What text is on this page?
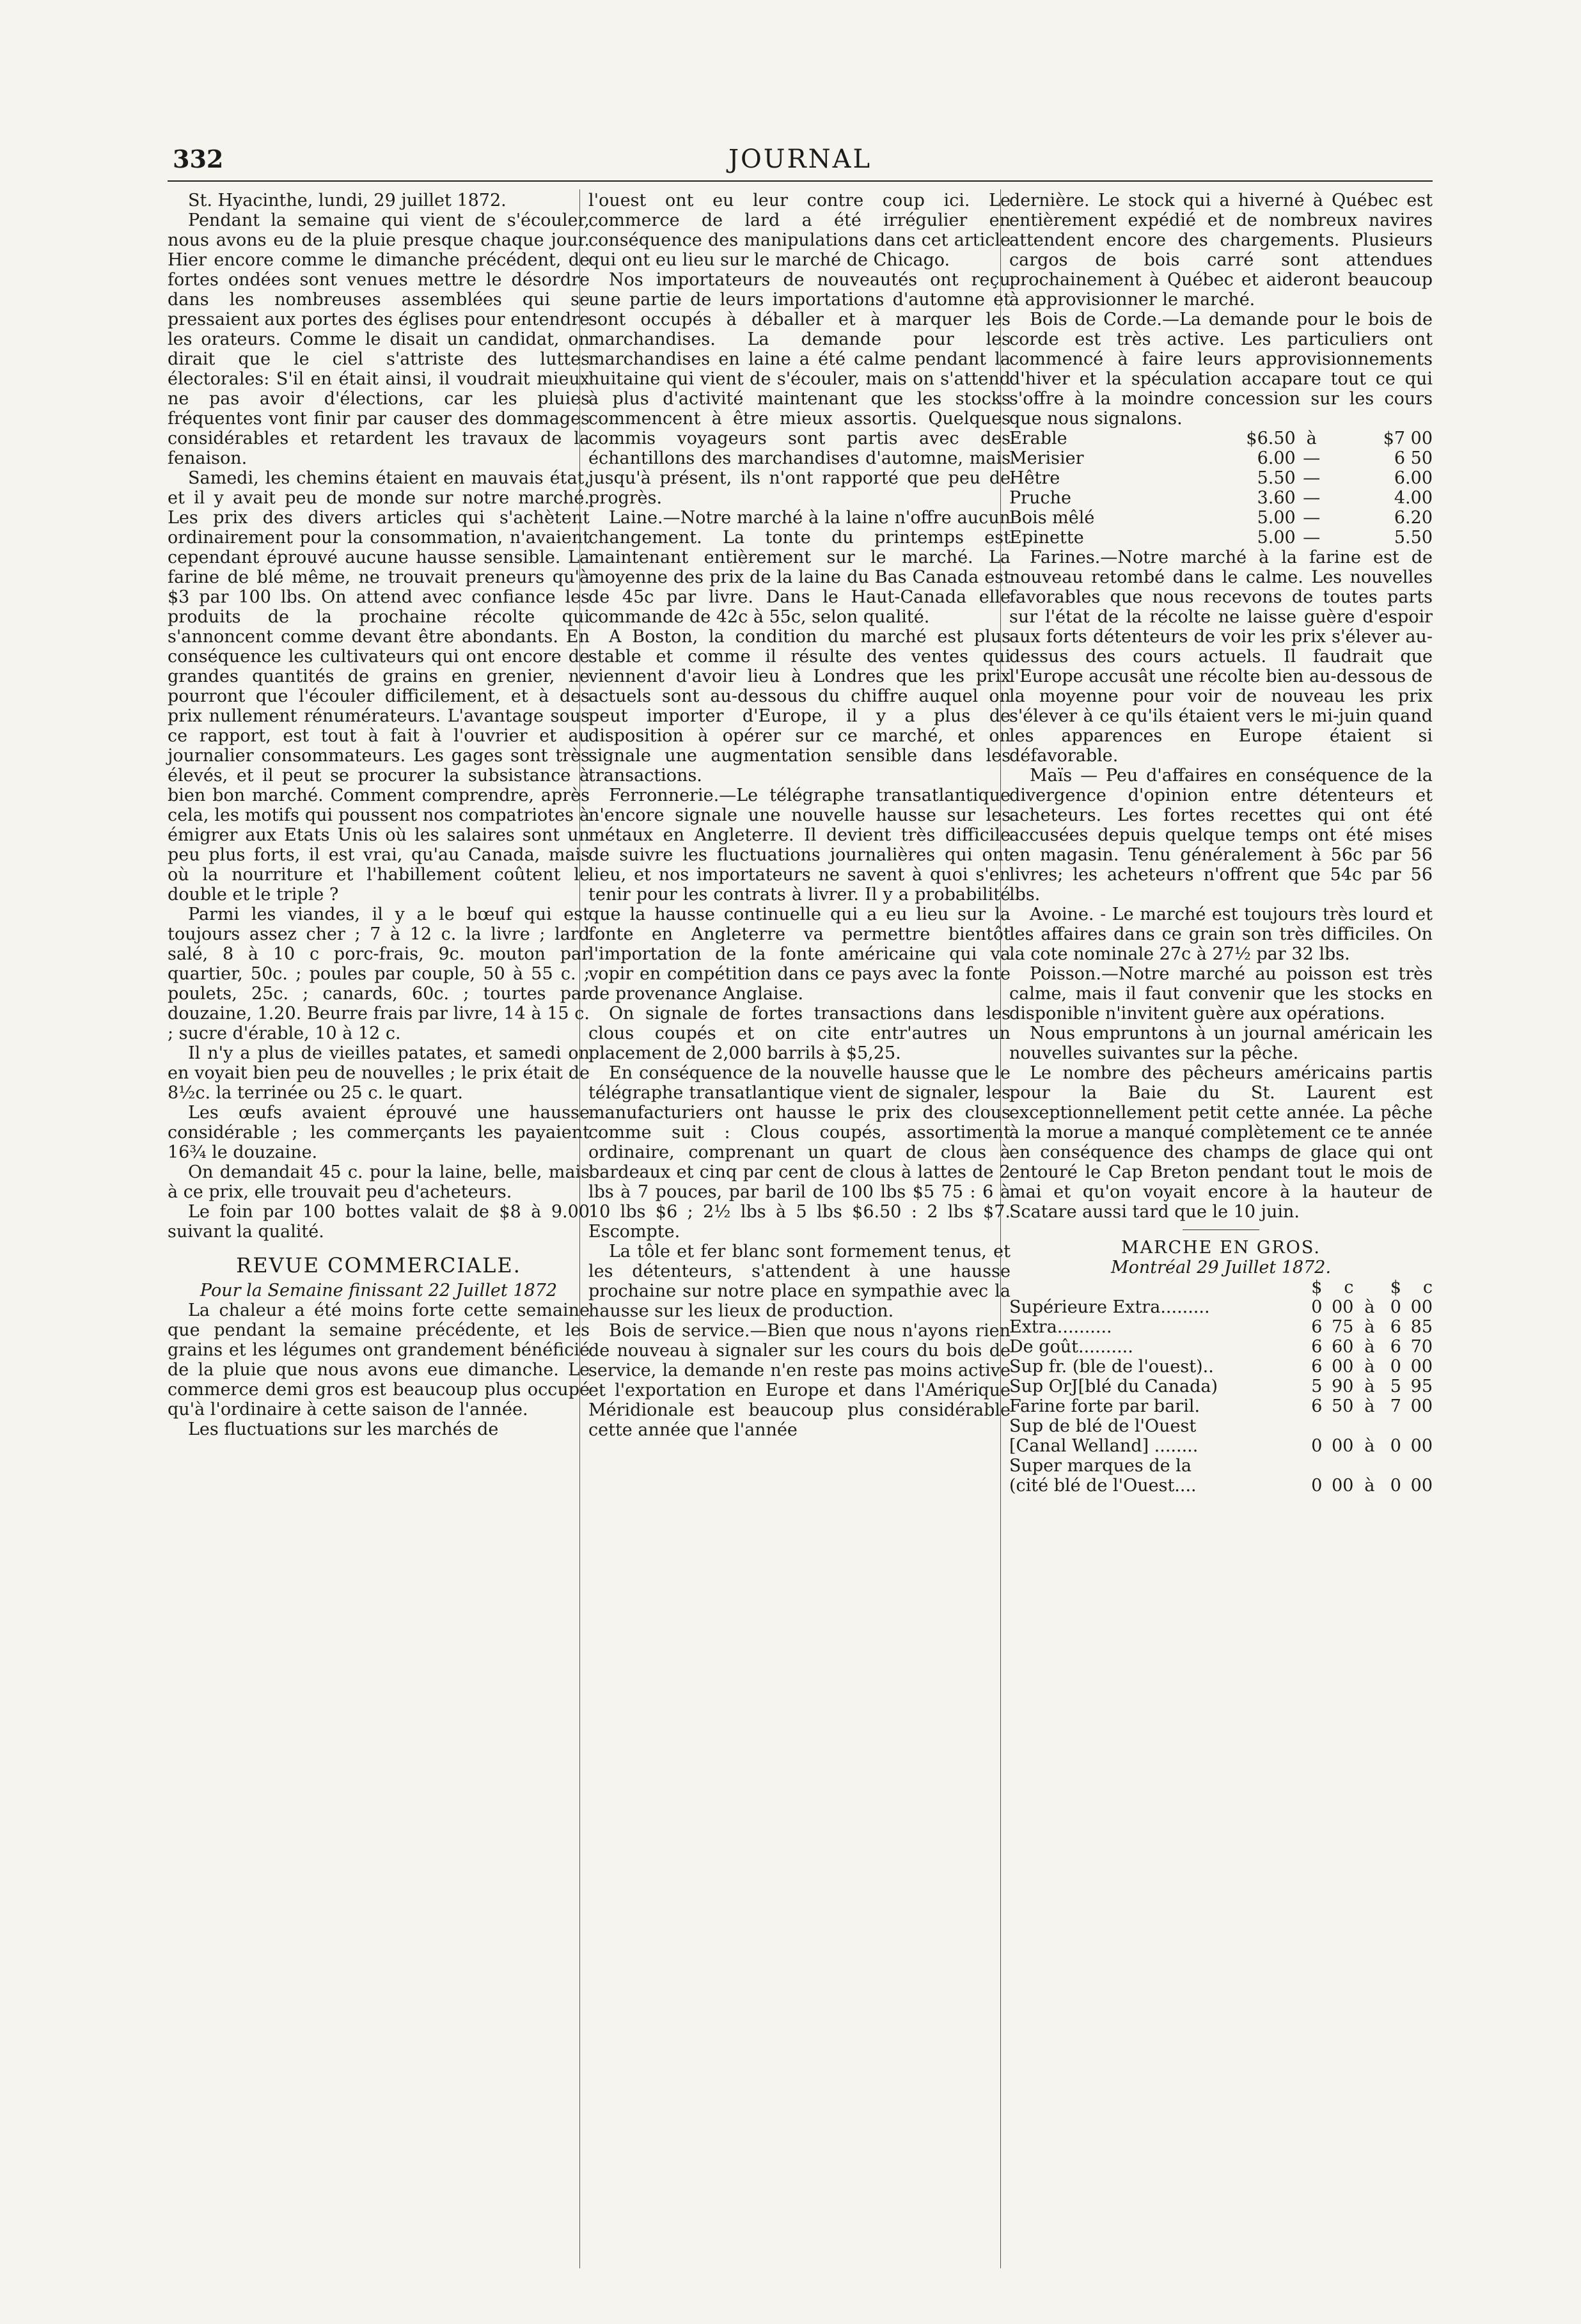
332	JOURNAL

St. Hyacinthe, lundi, 29 juillet 1872.

Pendant la semaine qui vient de s'écouler, nous avons eu de la pluie presque chaque jour. Hier encore comme le dimanche précédent, de fortes ondées sont venues mettre le désordre dans les nombreuses assemblées qui se pressaient aux portes des églises pour entendre les orateurs. Comme le disait un candidat, on dirait que le ciel s'attriste des luttes électorales: S'il en était ainsi, il voudrait mieux ne pas avoir d'élections, car les pluies fréquentes vont finir par causer des dommages considérables et retardent les travaux de la fenaison.

Samedi, les chemins étaient en mauvais état, et il y avait peu de monde sur notre marché. Les prix des divers articles qui s'achètent ordinairement pour la consommation, n'avaient cependant éprouvé aucune hausse sensible. La farine de blé même, ne trouvait preneurs qu'à $3 par 100 lbs. On attend avec confiance les produits de la prochaine récolte qui s'annoncent comme devant être abondants. En conséquence les cultivateurs qui ont encore de grandes quantités de grains en grenier, ne pourront que l'écouler difficilement, et à des prix nullement rénumérateurs. L'avantage sous ce rapport, est tout à fait à l'ouvrier et au journalier consommateurs. Les gages sont très élevés, et il peut se procurer la subsistance à bien bon marché. Comment comprendre, après cela, les motifs qui poussent nos compatriotes à émigrer aux Etats Unis où les salaires sont un peu plus forts, il est vrai, qu'au Canada, mais où la nourriture et l'habillement coûtent le double et le triple ?

Parmi les viandes, il y a le bœuf qui est toujours assez cher ; 7 à 12 c. la livre ; lard salé, 8 à 10 c porc-frais, 9c. mouton par quartier, 50c. ; poules par couple, 50 à 55 c. ; poulets, 25c. ; canards, 60c. ; tourtes par douzaine, 1.20. Beurre frais par livre, 14 à 15 c. ; sucre d'érable, 10 à 12 c.

Il n'y a plus de vieilles patates, et samedi on en voyait bien peu de nouvelles ; le prix était de 8½c. la terrinée ou 25 c. le quart.

Les œufs avaient éprouvé une hausse considérable ; les commerçants les payaient 16¾ le douzaine.

On demandait 45 c. pour la laine, belle, mais à ce prix, elle trouvait peu d'acheteurs.

Le foin par 100 bottes valait de $8 à 9.00 suivant la qualité.

REVUE COMMERCIALE.

Pour la Semaine finissant 22 Juillet 1872

La chaleur a été moins forte cette semaine que pendant la semaine précédente, et les grains et les légumes ont grandement bénéficié de la pluie que nous avons eue dimanche. Le commerce demi gros est beaucoup plus occupé qu'à l'ordinaire à cette saison de l'année.

Les fluctuations sur les marchés de

l'ouest ont eu leur contre coup ici. Le commerce de lard a été irrégulier en conséquence des manipulations dans cet article qui ont eu lieu sur le marché de Chicago.

Nos importateurs de nouveautés ont reçu une partie de leurs importations d'automne et sont occupés à déballer et à marquer les marchandises. La demande pour les marchandises en laine a été calme pendant la huitaine qui vient de s'écouler, mais on s'attend à plus d'activité maintenant que les stocks commencent à être mieux assortis. Quelques commis voyageurs sont partis avec des échantillons des marchandises d'automne, mais jusqu'à présent, ils n'ont rapporté que peu de progrès.

Laine.—Notre marché à la laine n'offre aucun changement. La tonte du printemps est maintenant entièrement sur le marché. La moyenne des prix de la laine du Bas Canada est de 45c par livre. Dans le Haut-Canada elle commande de 42c à 55c, selon qualité.

A Boston, la condition du marché est plus stable et comme il résulte des ventes qui viennent d'avoir lieu à Londres que les prix actuels sont au-dessous du chiffre auquel on peut importer d'Europe, il y a plus de disposition à opérer sur ce marché, et on signale une augmentation sensible dans les transactions.

Ferronnerie.—Le télégraphe transatlantique n'encore signale une nouvelle hausse sur les métaux en Angleterre. Il devient très difficile de suivre les fluctuations journalières qui ont lieu, et nos importateurs ne savent à quoi s'en tenir pour les contrats à livrer. Il y a probabilité que la hausse continuelle qui a eu lieu sur la fonte en Angleterre va permettre bientôt l'importation de la fonte américaine qui va vopir en compétition dans ce pays avec la fonte de provenance Anglaise.

On signale de fortes transactions dans les clous coupés et on cite entr'autres un placement de 2,000 barrils à $5,25.

En conséquence de la nouvelle hausse que le télégraphe transatlantique vient de signaler, les manufacturiers ont hausse le prix des clous comme suit : Clous coupés, assortiment ordinaire, comprenant un quart de clous à bardeaux et cinq par cent de clous à lattes de 2 lbs à 7 pouces, par baril de 100 lbs $5 75 : 6 à 10 lbs $6 ; 2½ lbs à 5 lbs $6.50 : 2 lbs $7. Escompte.

La tôle et fer blanc sont formement tenus, et les détenteurs, s'attendent à une hausse prochaine sur notre place en sympathie avec la hausse sur les lieux de production.

Bois de service.—Bien que nous n'ayons rien de nouveau à signaler sur les cours du bois de service, la demande n'en reste pas moins active et l'exportation en Europe et dans l'Amérique Méridionale est beaucoup plus considérable cette année que l'année

dernière. Le stock qui a hiverné à Québec est entièrement expédié et de nombreux navires attendent encore des chargements. Plusieurs cargos de bois carré sont attendues prochainement à Québec et aideront beaucoup à approvisionner le marché.

Bois de Corde.—La demande pour le bois de corde est très active. Les particuliers ont commencé à faire leurs approvisionnements d'hiver et la spéculation accapare tout ce qui s'offre à la moindre concession sur les cours que nous signalons.

Erable	$6.50	à	$7 00
Merisier	6.00	—	6 50
Hêtre	5.50	—	6.00
Pruche	3.60	—	4.00
Bois mêlé	5.00	—	6.20
Epinette	5.00	—	5.50

Farines.—Notre marché à la farine est de nouveau retombé dans le calme. Les nouvelles favorables que nous recevons de toutes parts sur l'état de la récolte ne laisse guère d'espoir aux forts détenteurs de voir les prix s'élever au-dessus des cours actuels. Il faudrait que l'Europe accusât une récolte bien au-dessous de la moyenne pour voir de nouveau les prix s'élever à ce qu'ils étaient vers le mi-juin quand les apparences en Europe étaient si défavorable.

Maïs — Peu d'affaires en conséquence de la divergence d'opinion entre détenteurs et acheteurs. Les fortes recettes qui ont été accusées depuis quelque temps ont été mises en magasin. Tenu généralement à 56c par 56 livres; les acheteurs n'offrent que 54c par 56 lbs.

Avoine. - Le marché est toujours très lourd et les affaires dans ce grain son très difficiles. On la cote nominale 27c à 27½ par 32 lbs.

Poisson.—Notre marché au poisson est très calme, mais il faut convenir que les stocks en disponible n'invitent guère aux opérations.

Nous empruntons à un journal américain les nouvelles suivantes sur la pêche.

Le nombre des pêcheurs américains partis pour la Baie du St. Laurent est exceptionnellement petit cette année. La pêche à la morue a manqué complètement ce te année en conséquence des champs de glace qui ont entouré le Cap Breton pendant tout le mois de mai et qu'on voyait encore à la hauteur de Scatare aussi tard que le 10 juin.

MARCHE EN GROS.

Montréal 29 Juillet 1872.

	$	c		$	c
Supérieure Extra.........	0	00	à	0	00
Extra..........	6	75	à	6	85
De goût..........	6	60	à	6	70
Sup fr. (ble de l'ouest)..	6	00	à	0	00
Sup OrJ[blé du Canada)	5	90	à	5	95
Farine forte par baril.	6	50	à	7	00
Sup de blé de l'Ouest					
[Canal Welland] ........	0	00	à	0	00
Super marques de la					
(cité blé de l'Ouest....	0	00	à	0	00
